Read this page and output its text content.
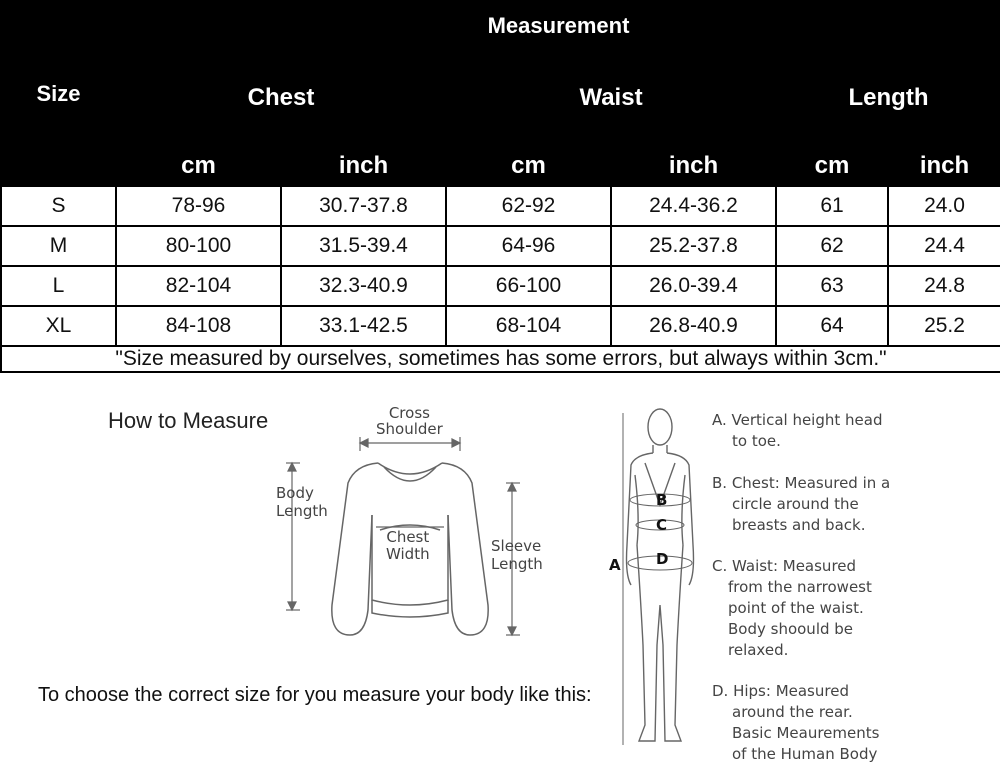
Size	Measurement					
	Chest		Waist		Length	
	cm	inch	cm	inch	cm	inch
S	78-96	30.7-37.8	62-92	24.4-36.2	61	24.0
M	80-100	31.5-39.4	64-96	25.2-37.8	62	24.4
L	82-104	32.3-40.9	66-100	26.0-39.4	63	24.8
XL	84-108	33.1-42.5	68-104	26.8-40.9	64	25.2
"Size measured by ourselves, sometimes has some errors, but always within 3cm."						
How to Measure
To choose the correct size for you measure your body like this:
Cross
Shoulder
Body
Length
Chest
Width	Sleeve
Length	A
B
C
D
A. Vertical height head
to toe.
B. Chest: Measured in a
circle around the
breasts and back.
C. Waist: Measured
from the narrowest
point of the waist.
Body shoould be
relaxed.
D. Hips: Measured
around the rear.
Basic Meaurements
of the Human Body
